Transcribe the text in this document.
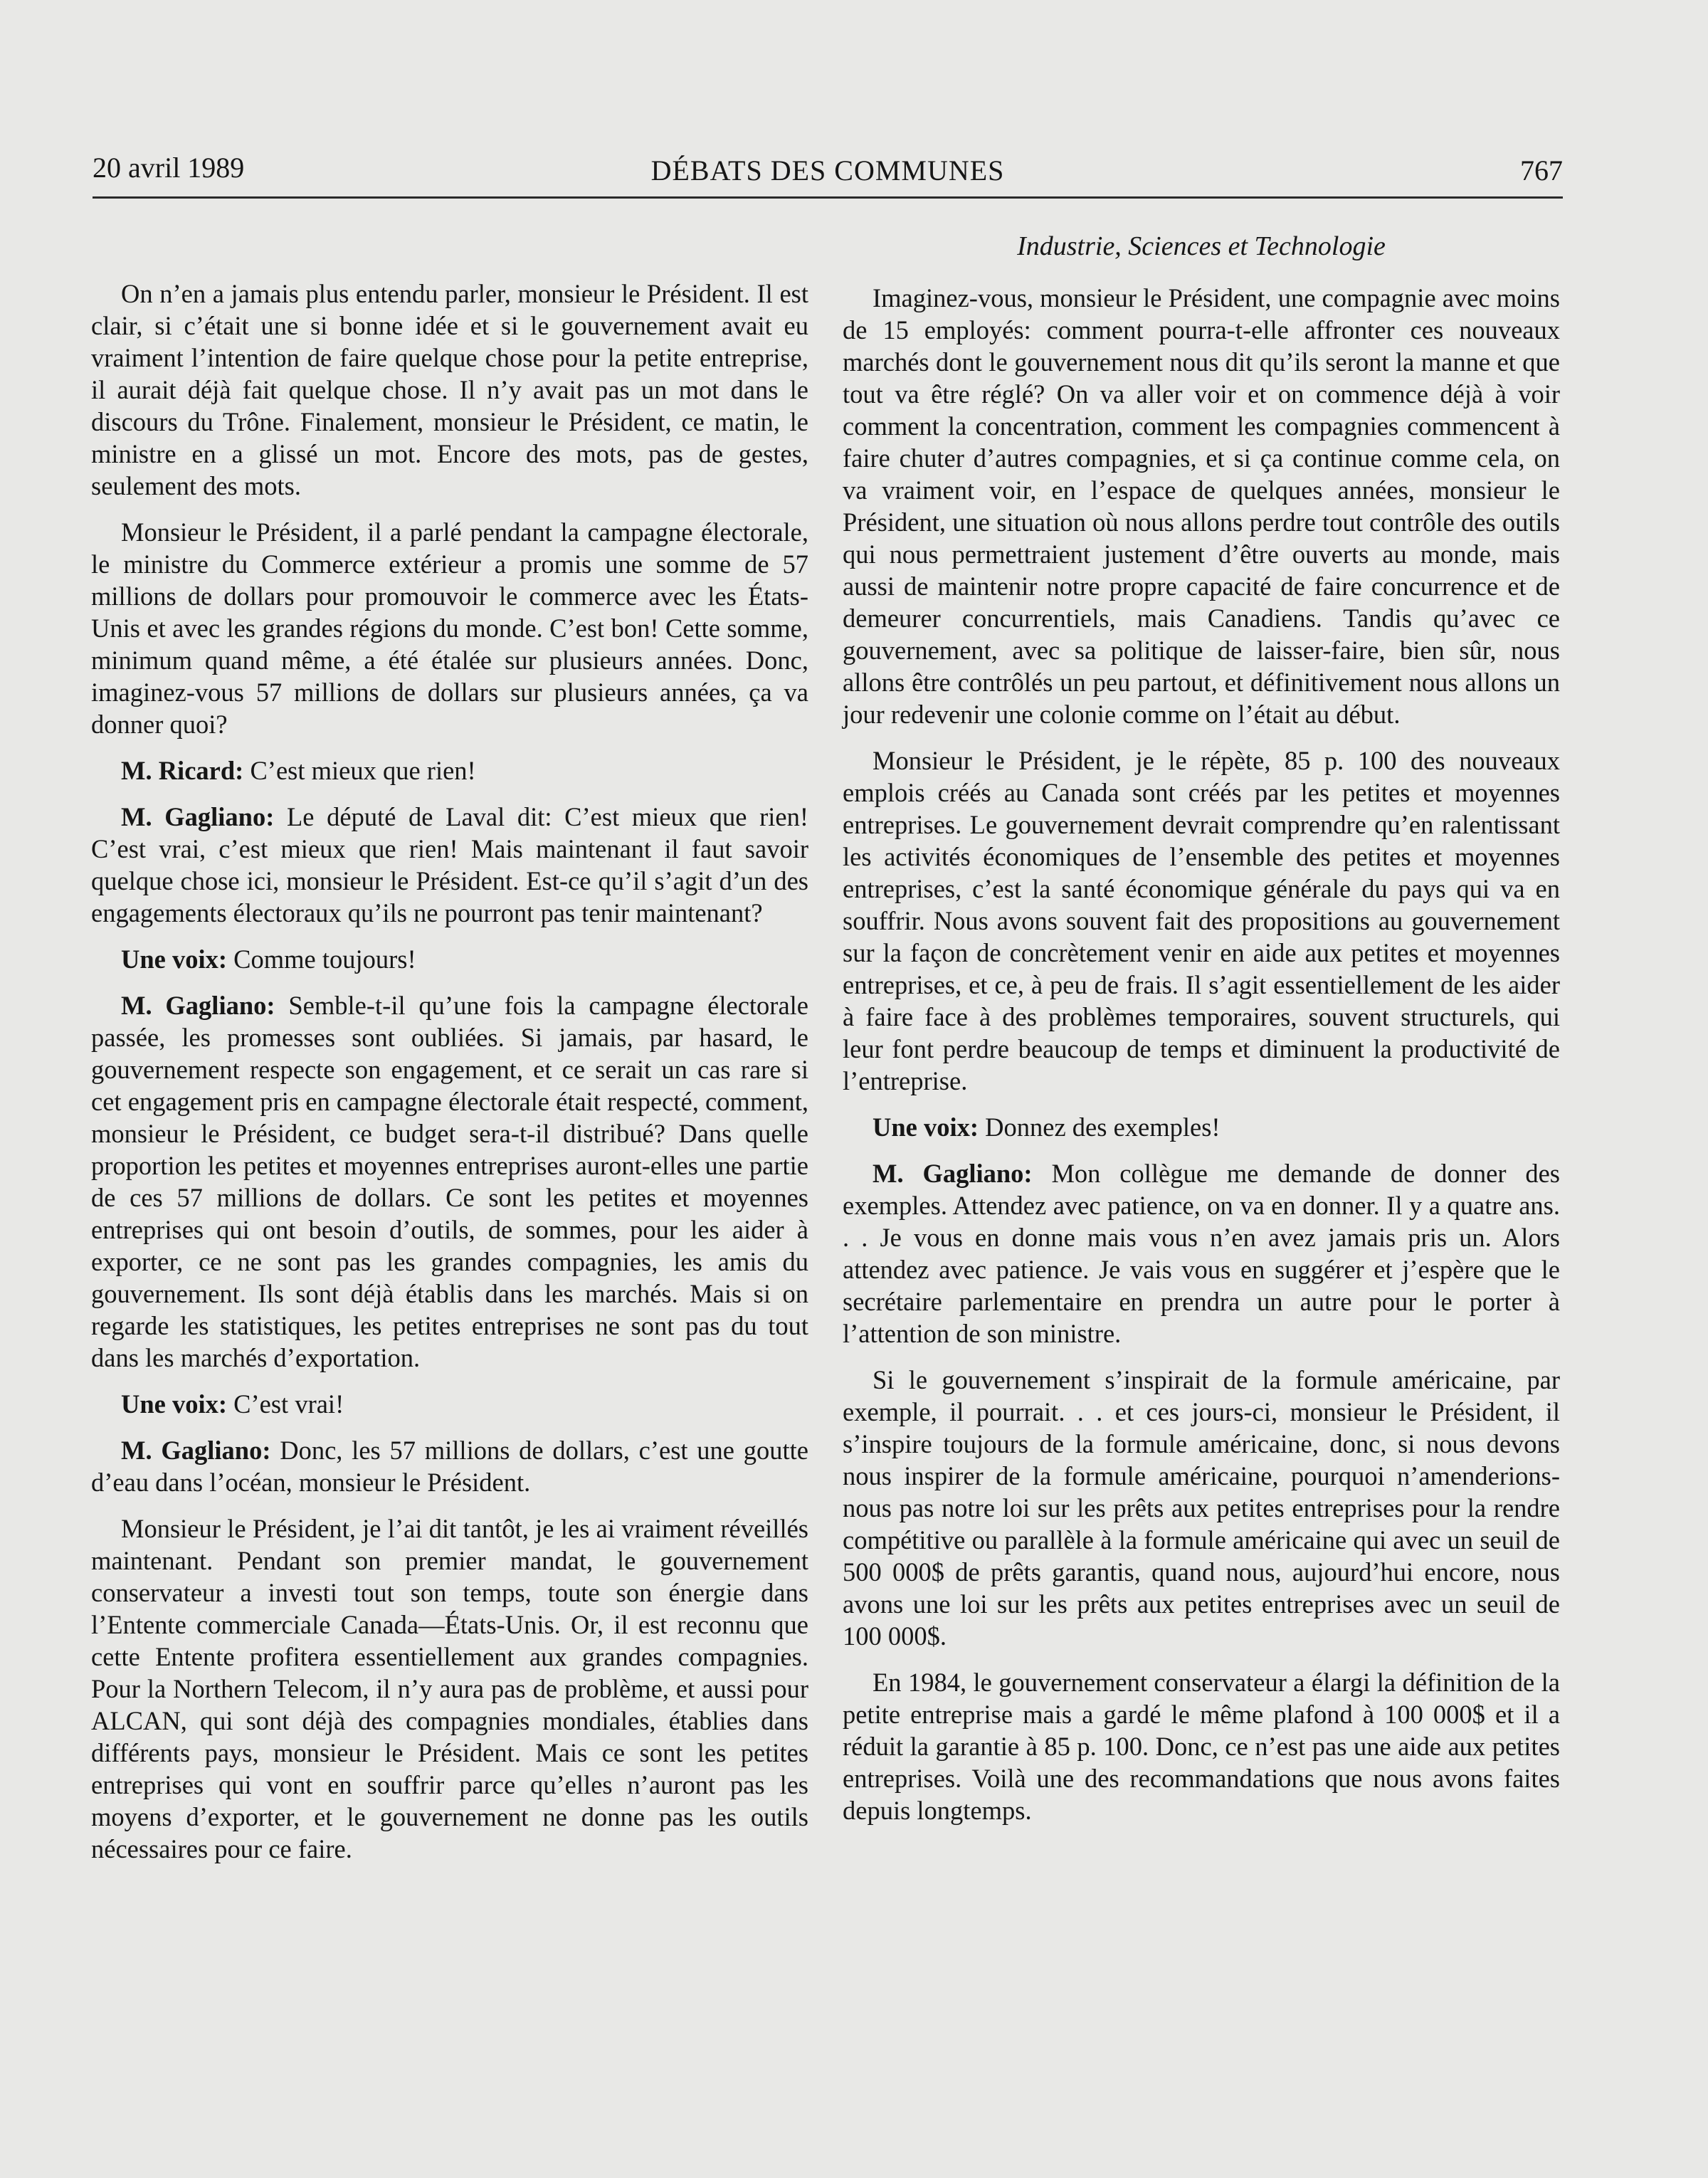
20 avril 1989	DÉBATS DES COMMUNES	767
Industrie, Sciences et Technologie

On n’en a jamais plus entendu parler, monsieur le Président. Il est clair, si c’était une si bonne idée et si le gouvernement avait eu vraiment l’intention de faire quelque chose pour la petite entreprise, il aurait déjà fait quelque chose. Il n’y avait pas un mot dans le discours du Trône. Finalement, monsieur le Président, ce matin, le ministre en a glissé un mot. Encore des mots, pas de gestes, seulement des mots.

Monsieur le Président, il a parlé pendant la campagne électorale, le ministre du Commerce extérieur a promis une somme de 57 millions de dollars pour promouvoir le commerce avec les États-Unis et avec les grandes régions du monde. C’est bon! Cette somme, minimum quand même, a été étalée sur plusieurs années. Donc, imaginez-vous 57 millions de dollars sur plusieurs années, ça va donner quoi?

M. Ricard: C’est mieux que rien!

M. Gagliano: Le député de Laval dit: C’est mieux que rien! C’est vrai, c’est mieux que rien! Mais maintenant il faut savoir quelque chose ici, monsieur le Président. Est-ce qu’il s’agit d’un des engagements électoraux qu’ils ne pourront pas tenir maintenant?

Une voix: Comme toujours!

M. Gagliano: Semble-t-il qu’une fois la campagne électorale passée, les promesses sont oubliées. Si jamais, par hasard, le gouvernement respecte son engagement, et ce serait un cas rare si cet engagement pris en campagne électorale était respecté, comment, monsieur le Président, ce budget sera-t-il distribué? Dans quelle proportion les petites et moyennes entreprises auront-elles une partie de ces 57 millions de dollars. Ce sont les petites et moyennes entreprises qui ont besoin d’outils, de sommes, pour les aider à exporter, ce ne sont pas les grandes compagnies, les amis du gouvernement. Ils sont déjà établis dans les marchés. Mais si on regarde les statistiques, les petites entreprises ne sont pas du tout dans les marchés d’exportation.

Une voix: C’est vrai!

M. Gagliano: Donc, les 57 millions de dollars, c’est une goutte d’eau dans l’océan, monsieur le Président.

Monsieur le Président, je l’ai dit tantôt, je les ai vraiment réveillés maintenant. Pendant son premier mandat, le gouvernement conservateur a investi tout son temps, toute son énergie dans l’Entente commerciale Canada—États-Unis. Or, il est reconnu que cette Entente profitera essentiellement aux grandes compagnies. Pour la Northern Telecom, il n’y aura pas de problème, et aussi pour ALCAN, qui sont déjà des compagnies mondiales, établies dans différents pays, monsieur le Président. Mais ce sont les petites entreprises qui vont en souffrir parce qu’elles n’auront pas les moyens d’exporter, et le gouvernement ne donne pas les outils nécessaires pour ce faire.

Imaginez-vous, monsieur le Président, une compagnie avec moins de 15 employés: comment pourra-t-elle affronter ces nouveaux marchés dont le gouvernement nous dit qu’ils seront la manne et que tout va être réglé? On va aller voir et on commence déjà à voir comment la concentration, comment les compagnies commencent à faire chuter d’autres compagnies, et si ça continue comme cela, on va vraiment voir, en l’espace de quelques années, monsieur le Président, une situation où nous allons perdre tout contrôle des outils qui nous permettraient justement d’être ouverts au monde, mais aussi de maintenir notre propre capacité de faire concurrence et de demeurer concurrentiels, mais Canadiens. Tandis qu’avec ce gouvernement, avec sa politique de laisser-faire, bien sûr, nous allons être contrôlés un peu partout, et définitivement nous allons un jour redevenir une colonie comme on l’était au début.

Monsieur le Président, je le répète, 85 p. 100 des nouveaux emplois créés au Canada sont créés par les petites et moyennes entreprises. Le gouvernement devrait comprendre qu’en ralentissant les activités économiques de l’ensemble des petites et moyennes entreprises, c’est la santé économique générale du pays qui va en souffrir. Nous avons souvent fait des propositions au gouvernement sur la façon de concrètement venir en aide aux petites et moyennes entreprises, et ce, à peu de frais. Il s’agit essentiellement de les aider à faire face à des problèmes temporaires, souvent structurels, qui leur font perdre beaucoup de temps et diminuent la productivité de l’entreprise.

Une voix: Donnez des exemples!

M. Gagliano: Mon collègue me demande de donner des exemples. Attendez avec patience, on va en donner. Il y a quatre ans. . . Je vous en donne mais vous n’en avez jamais pris un. Alors attendez avec patience. Je vais vous en suggérer et j’espère que le secrétaire parlementaire en prendra un autre pour le porter à l’attention de son ministre.

Si le gouvernement s’inspirait de la formule américaine, par exemple, il pourrait. . . et ces jours-ci, monsieur le Président, il s’inspire toujours de la formule américaine, donc, si nous devons nous inspirer de la formule américaine, pourquoi n’amenderions-nous pas notre loi sur les prêts aux petites entreprises pour la rendre compétitive ou parallèle à la formule américaine qui avec un seuil de 500 000$ de prêts garantis, quand nous, aujourd’hui encore, nous avons une loi sur les prêts aux petites entreprises avec un seuil de 100 000$.

En 1984, le gouvernement conservateur a élargi la définition de la petite entreprise mais a gardé le même plafond à 100 000$ et il a réduit la garantie à 85 p. 100. Donc, ce n’est pas une aide aux petites entreprises. Voilà une des recommandations que nous avons faites depuis longtemps.
